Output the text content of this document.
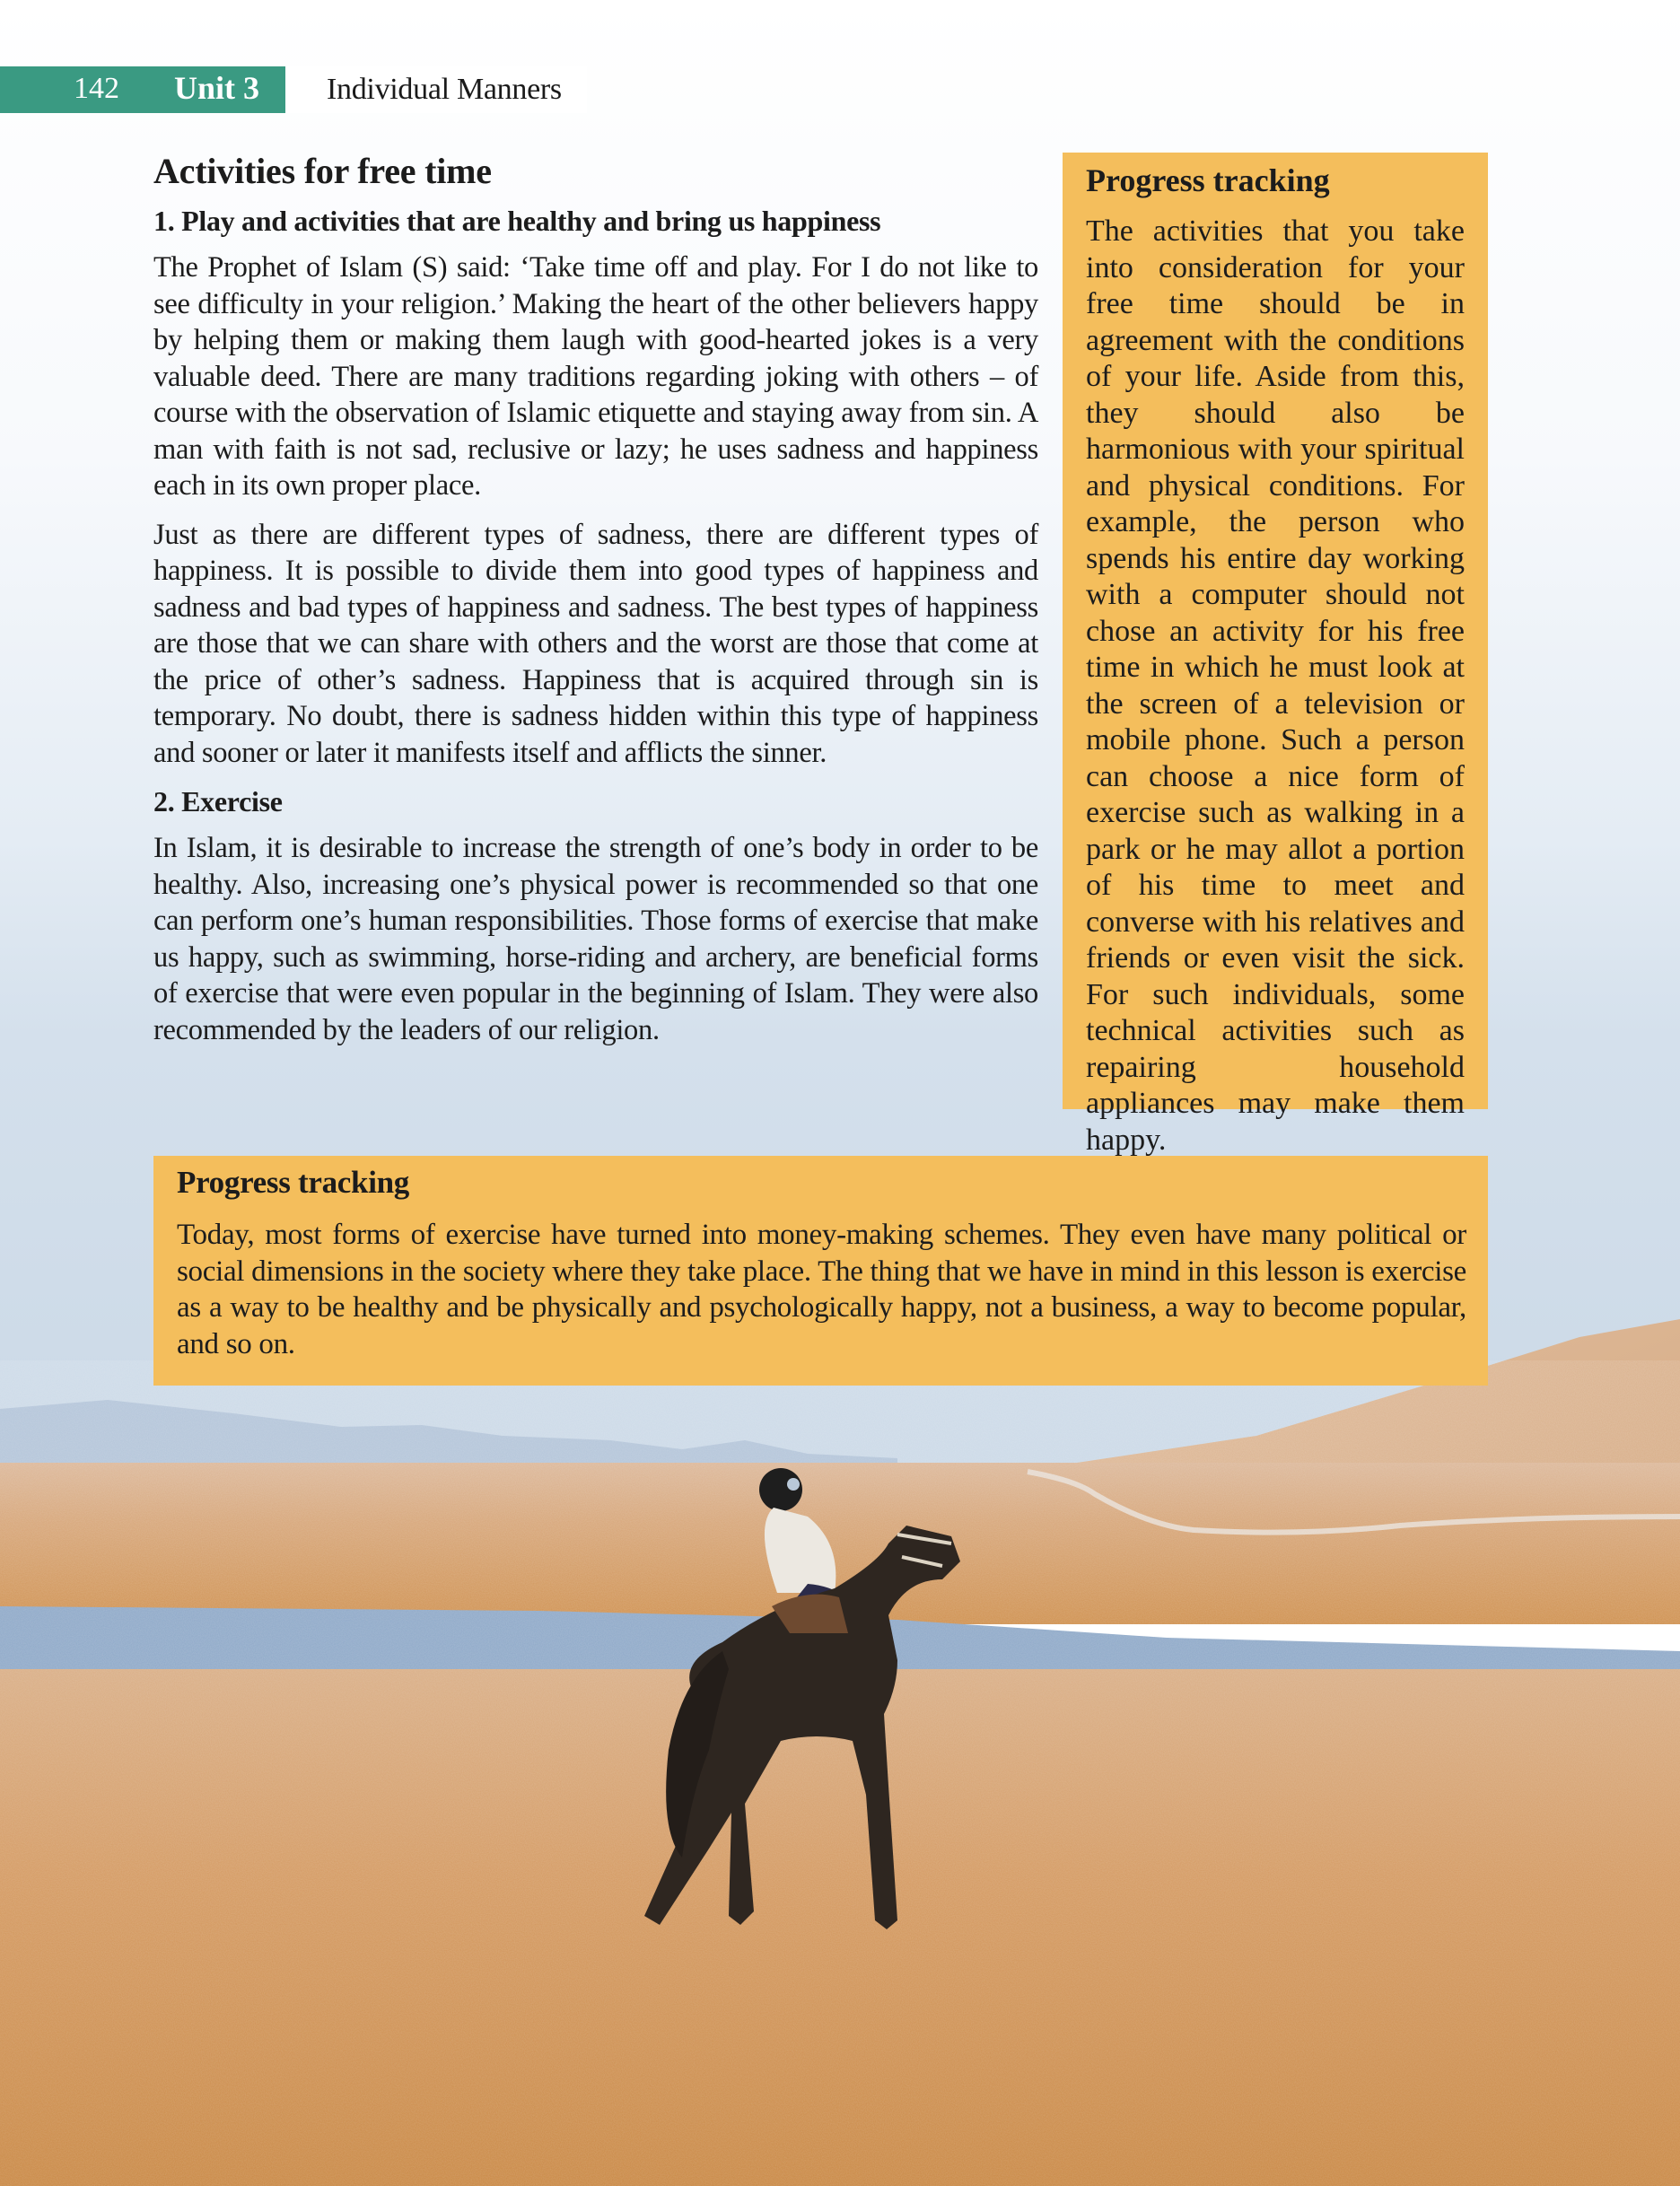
142 Unit 3 Individual Manners
Activities for free time
1. Play and activities that are healthy and bring us happiness

The Prophet of Islam (S) said: ‘Take time off and play. For I do not like to see difficulty in your religion.’ Making the heart of the other believers happy by helping them or making them laugh with good-hearted jokes is a very valuable deed. There are many traditions regarding joking with others – of course with the observation of Islamic etiquette and staying away from sin. A man with faith is not sad, reclusive or lazy; he uses sadness and happiness each in its own proper place.

Just as there are different types of sadness, there are different types of happiness. It is possible to divide them into good types of happiness and sadness and bad types of happiness and sadness. The best types of happiness are those that we can share with others and the worst are those that come at the price of other’s sadness. Happiness that is acquired through sin is temporary. No doubt, there is sadness hidden within this type of happiness and sooner or later it manifests itself and afflicts the sinner.

2. Exercise

In Islam, it is desirable to increase the strength of one’s body in order to be healthy. Also, increasing one’s physical power is recommended so that one can perform one’s human responsibilities. Those forms of exercise that make us happy, such as swimming, horse-riding and archery, are beneficial forms of exercise that were even popular in the beginning of Islam. They were also recommended by the leaders of our religion.

Progress tracking
The activities that you take into consideration for your free time should be in agreement with the conditions of your life. Aside from this, they should also be harmonious with your spiritual and physical conditions. For example, the person who spends his entire day working with a computer should not chose an activity for his free time in which he must look at the screen of a television or mobile phone. Such a person can choose a nice form of exercise such as walking in a park or he may allot a portion of his time to meet and converse with his relatives and friends or even visit the sick. For such individuals, some technical activities such as repairing household appliances may make them happy.
Progress tracking
Today, most forms of exercise have turned into money-making schemes. They even have many political or social dimensions in the society where they take place. The thing that we have in mind in this lesson is exercise as a way to be healthy and be physically and psychologically happy, not a business, a way to become popular, and so on.
